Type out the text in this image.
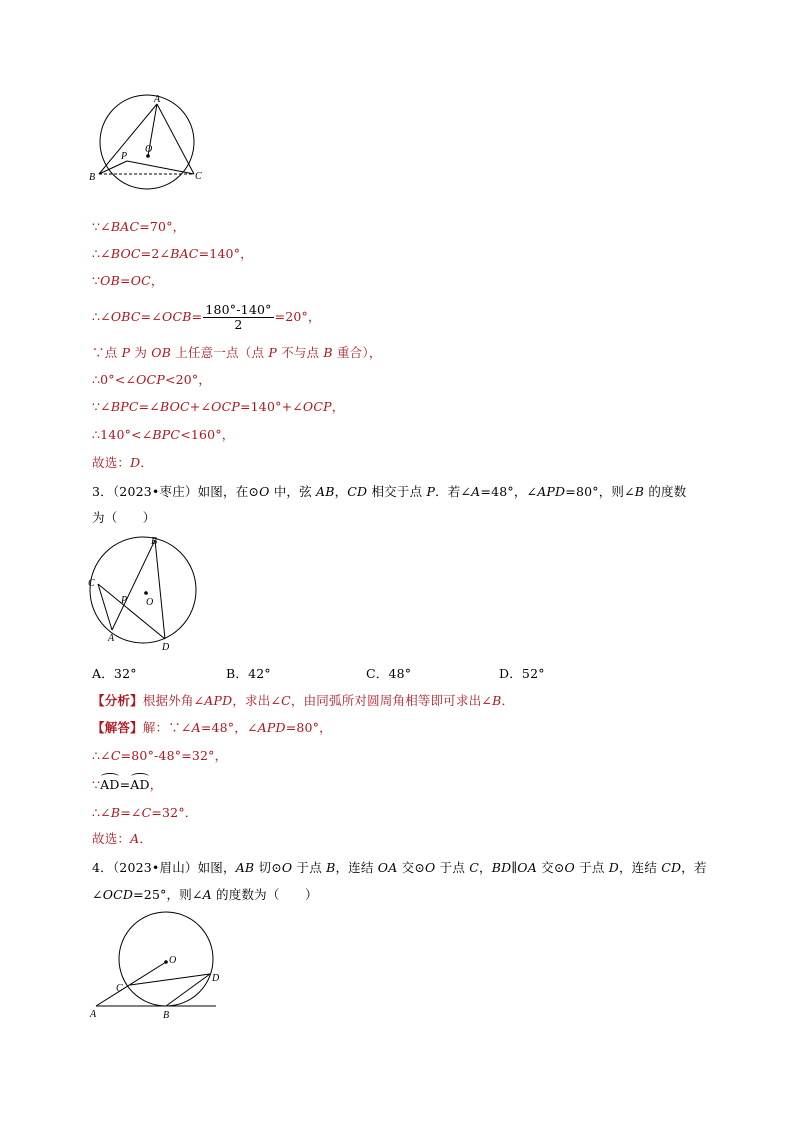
A
B	C
O
P
∵∠BAC=70°，
∴∠BOC=2∠BAC=140°，
∵OB=OC，
∴∠OBC=∠OCB= $\frac{180^\circ-140^\circ}{2} =20^\circ$，
∵点 P 为 OB 上任意一点（点 P 不与点 B 重合），
∴0°<∠OCP<20°，
∵∠BPC=∠BOC+∠OCP=140°+∠OCP，
∴140°<∠BPC<160°，
故选：D．
3．（2023•枣庄）如图，在⊙O 中，弦 AB，CD 相交于点 P．若∠A=48°，∠APD=80°，则∠B 的度数
为（　　）
B
C
A
D
O
P
A．32°	B．42°	C．48°	D．52°
【分析】根据外角∠APD，求出∠C，由同弧所对圆周角相等即可求出∠B．
【解答】解：∵∠A=48°，∠APD=80°，
∴∠C=80°-48°=32°，
∵AD=AD，
∴∠B=∠C=32°．
故选：A．
4．（2023•眉山）如图，AB 切⊙O 于点 B，连结 OA 交⊙O 于点 C，BD∥OA 交⊙O 于点 D，连结 CD，若
∠OCD=25°，则∠A 的度数为（　　）
O
C
D
A	B
